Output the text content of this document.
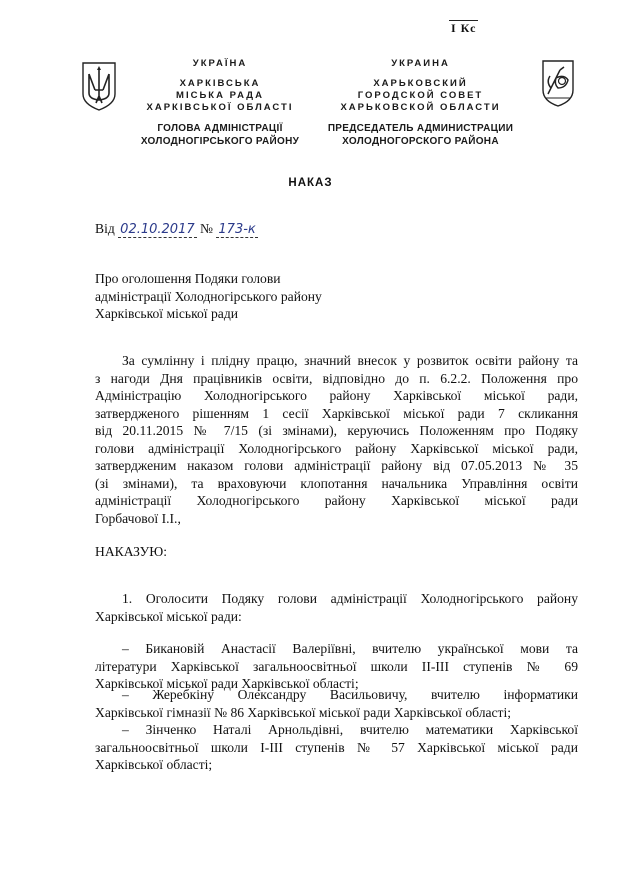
І Кс
УКРАЇНА
ХАРКІВСЬКА
МІСЬКА РАДА
ХАРКІВСЬКОЇ ОБЛАСТІ
ГОЛОВА АДМІНІСТРАЦІЇ
ХОЛОДНОГІРСЬКОГО РАЙОНУ
УКРАИНА
ХАРЬКОВСКИЙ
ГОРОДСКОЙ СОВЕТ
ХАРЬКОВСКОЙ ОБЛАСТИ
ПРЕДСЕДАТЕЛЬ АДМИНИСТРАЦИИ
ХОЛОДНОГОРСКОГО РАЙОНА
НАКАЗ
Від 02.10.2017 № 173-к
Про оголошення Подяки голови
адміністрації Холодногірського району
Харківської міської ради
За сумлінну і плідну працю, значний внесок у розвиток освіти району та
з нагоди Дня працівників освіти, відповідно до п. 6.2.2. Положення про
Адміністрацію Холодногірського району Харківської міської ради,
затвердженого рішенням 1 сесії Харківської міської ради 7 скликання
від 20.11.2015 № 7/15 (зі змінами), керуючись Положенням про Подяку
голови адміністрації Холодногірського району Харківської міської ради,
затвердженим наказом голови адміністрації району від 07.05.2013 № 35
(зі змінами), та враховуючи клопотання начальника Управління освіти
адміністрації Холодногірського району Харківської міської ради
Горбачової І.І.,
НАКАЗУЮ:
1. Оголосити Подяку голови адміністрації Холодногірського району
Харківської міської ради:
– Бикановій Анастасії Валеріївні, вчителю української мови та
літератури Харківської загальноосвітньої школи ІІ-ІІІ ступенів № 69
Харківської міської ради Харківської області;
– Жеребкіну Олександру Васильовичу, вчителю інформатики
Харківської гімназії № 86 Харківської міської ради Харківської області;
– Зінченко Наталі Арнольдівні, вчителю математики Харківської
загальноосвітньої школи І-ІІІ ступенів № 57 Харківської міської ради
Харківської області;
